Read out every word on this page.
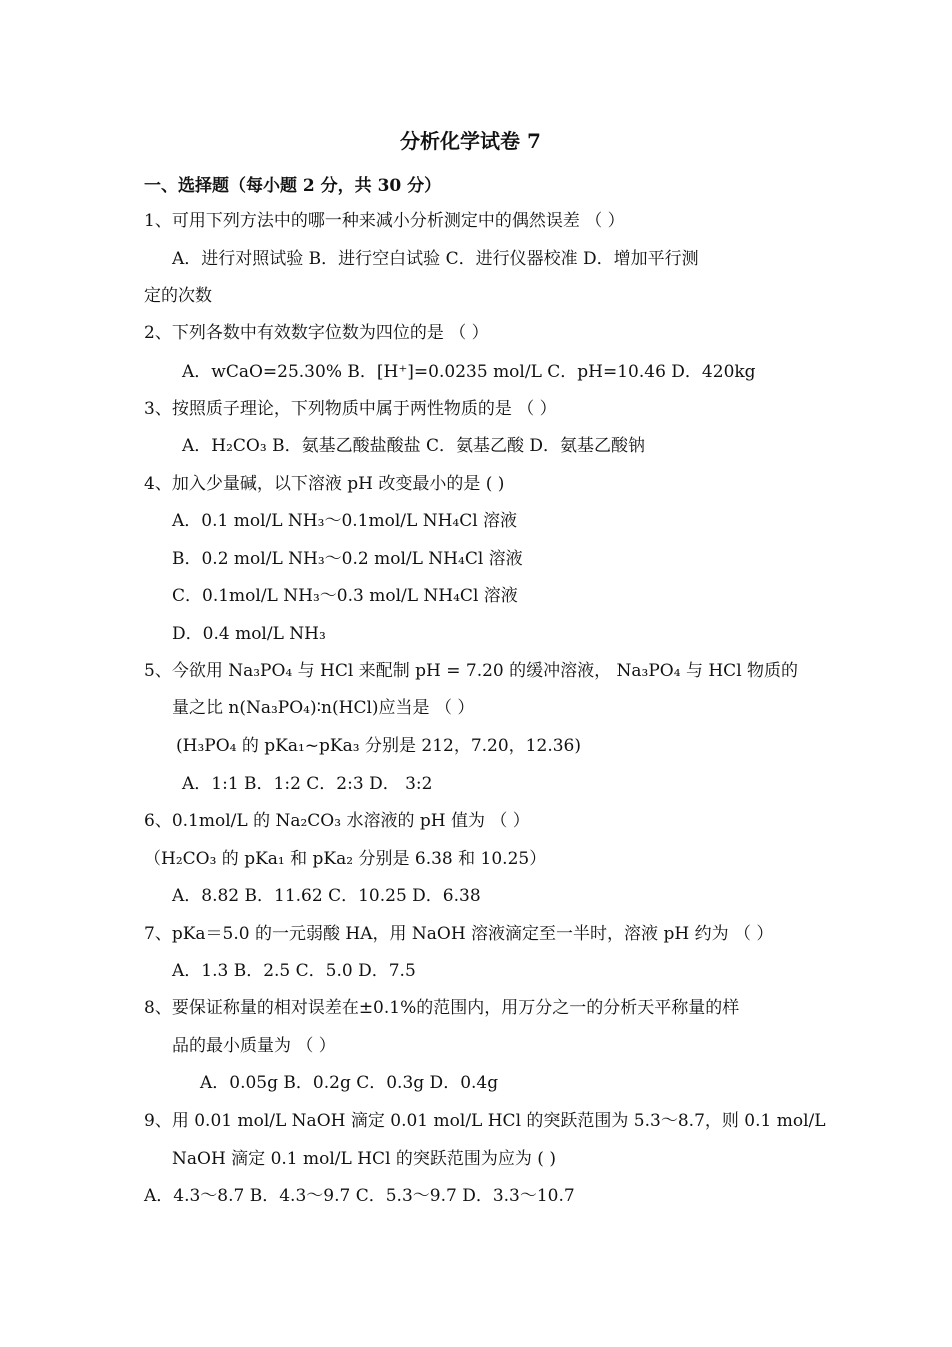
分析化学试卷 7
一、选择题（每小题 2 分，共 30 分）
1、可用下列方法中的哪一种来减小分析测定中的偶然误差 （ ）
A．进行对照试验 B．进行空白试验 C．进行仪器校准 D．增加平行测
定的次数
2、下列各数中有效数字位数为四位的是 （ ）
A．wCaO=25.30% B．[H⁺]=0.0235 mol/L C．pH=10.46 D．420kg
3、按照质子理论，下列物质中属于两性物质的是 （ ）
A．H₂CO₃ B．氨基乙酸盐酸盐 C．氨基乙酸 D．氨基乙酸钠
4、加入少量碱，以下溶液 pH 改变最小的是 ( )
A．0.1 mol/L NH₃～0.1mol/L NH₄Cl 溶液
B．0.2 mol/L NH₃～0.2 mol/L NH₄Cl 溶液
C．0.1mol/L NH₃～0.3 mol/L NH₄Cl 溶液
D．0.4 mol/L NH₃
5、今欲用 Na₃PO₄ 与 HCl 来配制 pH = 7.20 的缓冲溶液， Na₃PO₄ 与 HCl 物质的
量之比 n(Na₃PO₄)∶n(HCl)应当是 （ ）
(H₃PO₄ 的 pKa₁~pKa₃ 分别是 212，7.20，12.36)
A．1:1 B．1:2 C．2:3 D． 3:2
6、0.1mol/L 的 Na₂CO₃ 水溶液的 pH 值为 （ ）
（H₂CO₃ 的 pKa₁ 和 pKa₂ 分别是 6.38 和 10.25）
A．8.82 B．11.62 C．10.25 D．6.38
7、pKa＝5.0 的一元弱酸 HA，用 NaOH 溶液滴定至一半时，溶液 pH 约为 （ ）
A．1.3 B．2.5 C．5.0 D．7.5
8、要保证称量的相对误差在±0.1%的范围内，用万分之一的分析天平称量的样
品的最小质量为 （ ）
A．0.05g B．0.2g C．0.3g D．0.4g
9、用 0.01 mol/L NaOH 滴定 0.01 mol/L HCl 的突跃范围为 5.3～8.7，则 0.1 mol/L
NaOH 滴定 0.1 mol/L HCl 的突跃范围为应为 ( )
A．4.3～8.7 B．4.3～9.7 C．5.3～9.7 D．3.3～10.7
